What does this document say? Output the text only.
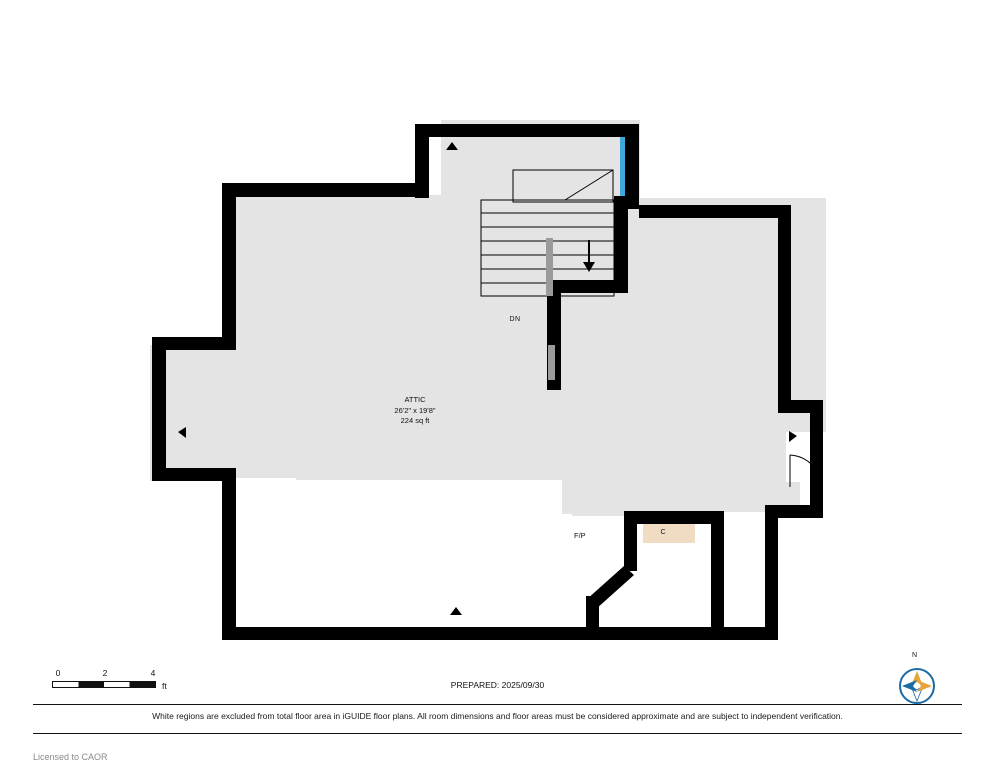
ATTIC
26'2" x 19'8"
224 sq ft
DN
F/P	C
0	2	4
ft	PREPARED: 2025/09/30
N
White regions are excluded from total floor area in iGUIDE floor plans. All room dimensions and floor areas must be considered approximate and are subject to independent verification.
Licensed to CAOR
